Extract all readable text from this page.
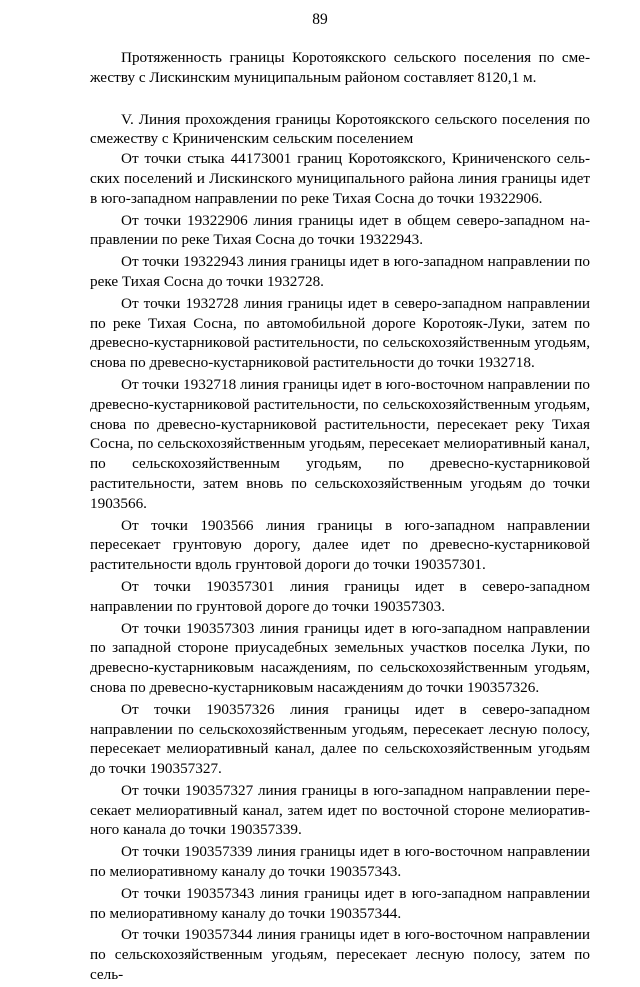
89

Протяженность границы Коротоякского сельского поселения по смежеству с Лискинским муниципальным районом составляет 8120,1 м.

V. Линия прохождения границы Коротоякского сельского поселения по смежеству с Криниченским сельским поселением

От точки стыка 44173001 границ Коротоякского, Криниченского сельских поселений и Лискинского муниципального района линия границы идет в юго-западном направлении по реке Тихая Сосна до точки 19322906.

От точки 19322906 линия границы идет в общем северо-западном направлении по реке Тихая Сосна до точки 19322943.

От точки 19322943 линия границы идет в юго-западном направлении по реке Тихая Сосна до точки 1932728.

От точки 1932728 линия границы идет в северо-западном направлении по реке Тихая Сосна, по автомобильной дороге Коротояк-Луки, затем по древесно-кустарниковой растительности, по сельскохозяйственным угодьям, снова по древесно-кустарниковой растительности до точки 1932718.

От точки 1932718 линия границы идет в юго-восточном направлении по древесно-кустарниковой растительности, по сельскохозяйственным угодьям, снова по древесно-кустарниковой растительности, пересекает реку Тихая Сосна, по сельскохозяйственным угодьям, пересекает мелиоративный канал, по сельскохозяйственным угодьям, по древесно-кустарниковой растительности, затем вновь по сельскохозяйственным угодьям до точки 1903566.

От точки 1903566 линия границы в юго-западном направлении пересекает грунтовую дорогу, далее идет по древесно-кустарниковой растительности вдоль грунтовой дороги до точки 190357301.

От точки 190357301 линия границы идет в северо-западном направлении по грунтовой дороге до точки 190357303.

От точки 190357303 линия границы идет в юго-западном направлении по западной стороне приусадебных земельных участков поселка Луки, по древесно-кустарниковым насаждениям, по сельскохозяйственным угодьям, снова по древесно-кустарниковым насаждениям до точки 190357326.

От точки 190357326 линия границы идет в северо-западном направлении по сельскохозяйственным угодьям, пересекает лесную полосу, пересекает мелиоративный канал, далее по сельскохозяйственным угодьям до точки 190357327.

От точки 190357327 линия границы в юго-западном направлении пересекает мелиоративный канал, затем идет по восточной стороне мелиоративного канала до точки 190357339.

От точки 190357339 линия границы идет в юго-восточном направлении по мелиоративному каналу до точки 190357343.

От точки 190357343 линия границы идет в юго-западном направлении по мелиоративному каналу до точки 190357344.

От точки 190357344 линия границы идет в юго-восточном направлении по сельскохозяйственным угодьям, пересекает лесную полосу, затем по сель-
